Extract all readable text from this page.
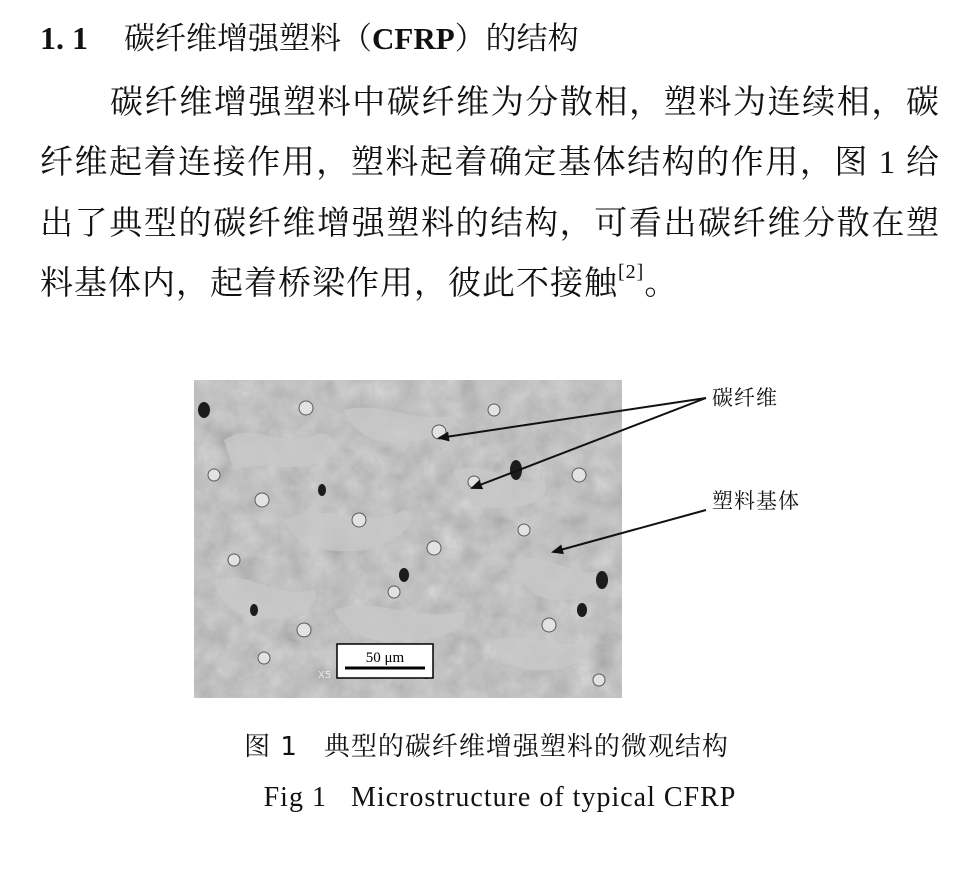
1. 1 碳纤维增强塑料（CFRP）的结构

碳纤维增强塑料中碳纤维为分散相，塑料为连续相，碳纤维起着连接作用，塑料起着确定基体结构的作用，图 1 给出了典型的碳纤维增强塑料的结构，可看出碳纤维分散在塑料基体内，起着桥梁作用，彼此不接触[2]。

50 μm
X5
碳纤维
塑料基体

图 1 典型的碳纤维增强塑料的微观结构

Fig 1 Microstructure of typical CFRP
